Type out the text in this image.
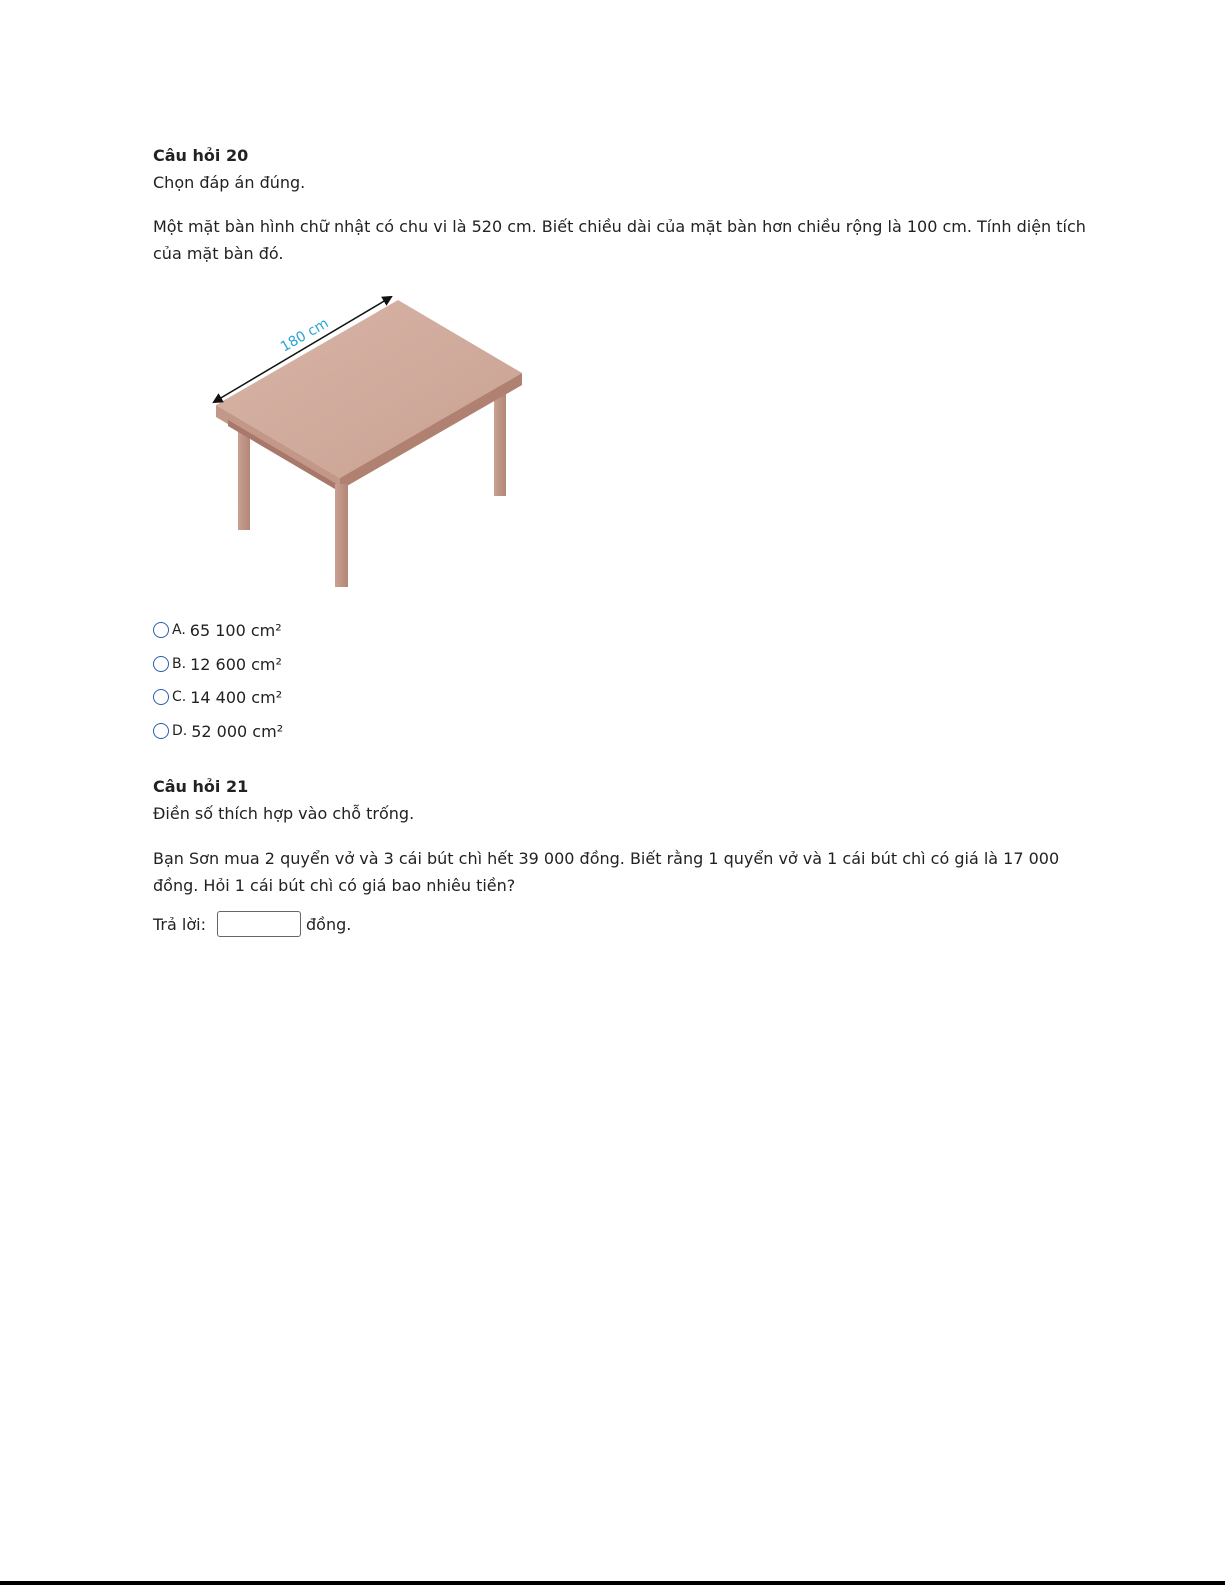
Câu hỏi 20
Chọn đáp án đúng.
Một mặt bàn hình chữ nhật có chu vi là 520 cm. Biết chiều dài của mặt bàn hơn chiều rộng là 100 cm. Tính diện tích
của mặt bàn đó.
180 cm
A. 65 100 cm²
B. 12 600 cm²
C. 14 400 cm²
D. 52 000 cm²
Câu hỏi 21
Điền số thích hợp vào chỗ trống.
Bạn Sơn mua 2 quyển vở và 3 cái bút chì hết 39 000 đồng. Biết rằng 1 quyển vở và 1 cái bút chì có giá là 17 000
đồng. Hỏi 1 cái bút chì có giá bao nhiêu tiền?
Trả lời:	đồng.
